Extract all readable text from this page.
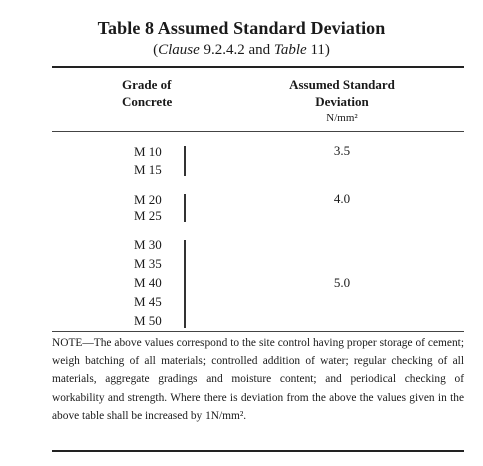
Table 8 Assumed Standard Deviation
(Clause 9.2.4.2 and Table 11)
Grade of
Concrete
Assumed Standard
Deviation
N/mm²
M 10
M 15
3.5
M 20
M 25
4.0
M 30
M 35
M 40
M 45
M 50
5.0
NOTE—The above values correspond to the site control having proper storage of cement; weigh batching of all materials; controlled addition of water; regular checking of all materials, aggregate gradings and moisture content; and periodical checking of workability and strength. Where there is deviation from the above the values given in the above table shall be increased by 1N/mm².
